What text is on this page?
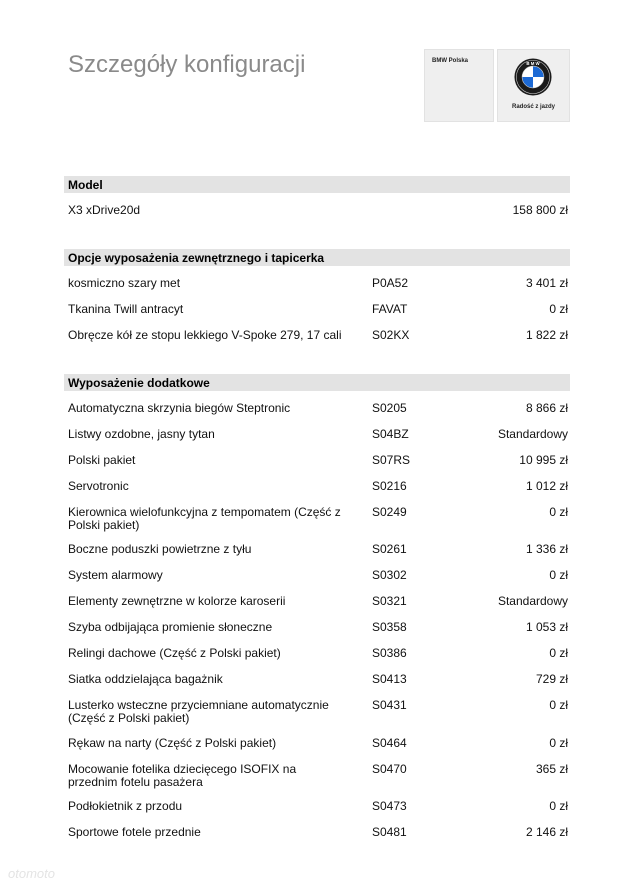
Szczegóły konfiguracji	BMW Polska	B M W
Radość z jazdy
Model
X3 xDrive20d	158 800 zł
Opcje wyposażenia zewnętrznego i tapicerka
kosmiczno szary met	P0A52	3 401 zł
Tkanina Twill antracyt	FAVAT	0 zł
Obręcze kół ze stopu lekkiego V-Spoke 279, 17 cali	S02KX	1 822 zł
Wyposażenie dodatkowe
Automatyczna skrzynia biegów Steptronic	S0205	8 866 zł
Listwy ozdobne, jasny tytan	S04BZ	Standardowy
Polski pakiet	S07RS	10 995 zł
Servotronic	S0216	1 012 zł
Kierownica wielofunkcyjna z tempomatem (Część z Polski pakiet)
S0249	0 zł
Boczne poduszki powietrzne z tyłu	S0261	1 336 zł
System alarmowy	S0302	0 zł
Elementy zewnętrzne w kolorze karoserii	S0321	Standardowy
Szyba odbijająca promienie słoneczne	S0358	1 053 zł
Relingi dachowe (Część z Polski pakiet)	S0386	0 zł
Siatka oddzielająca bagażnik	S0413	729 zł
Lusterko wsteczne przyciemniane automatycznie (Część z Polski pakiet)
S0431	0 zł
Rękaw na narty (Część z Polski pakiet)	S0464	0 zł
Mocowanie fotelika dziecięcego ISOFIX na przednim fotelu pasażera
S0470	365 zł
Podłokietnik z przodu	S0473	0 zł
Sportowe fotele przednie	S0481	2 146 zł
otomoto
